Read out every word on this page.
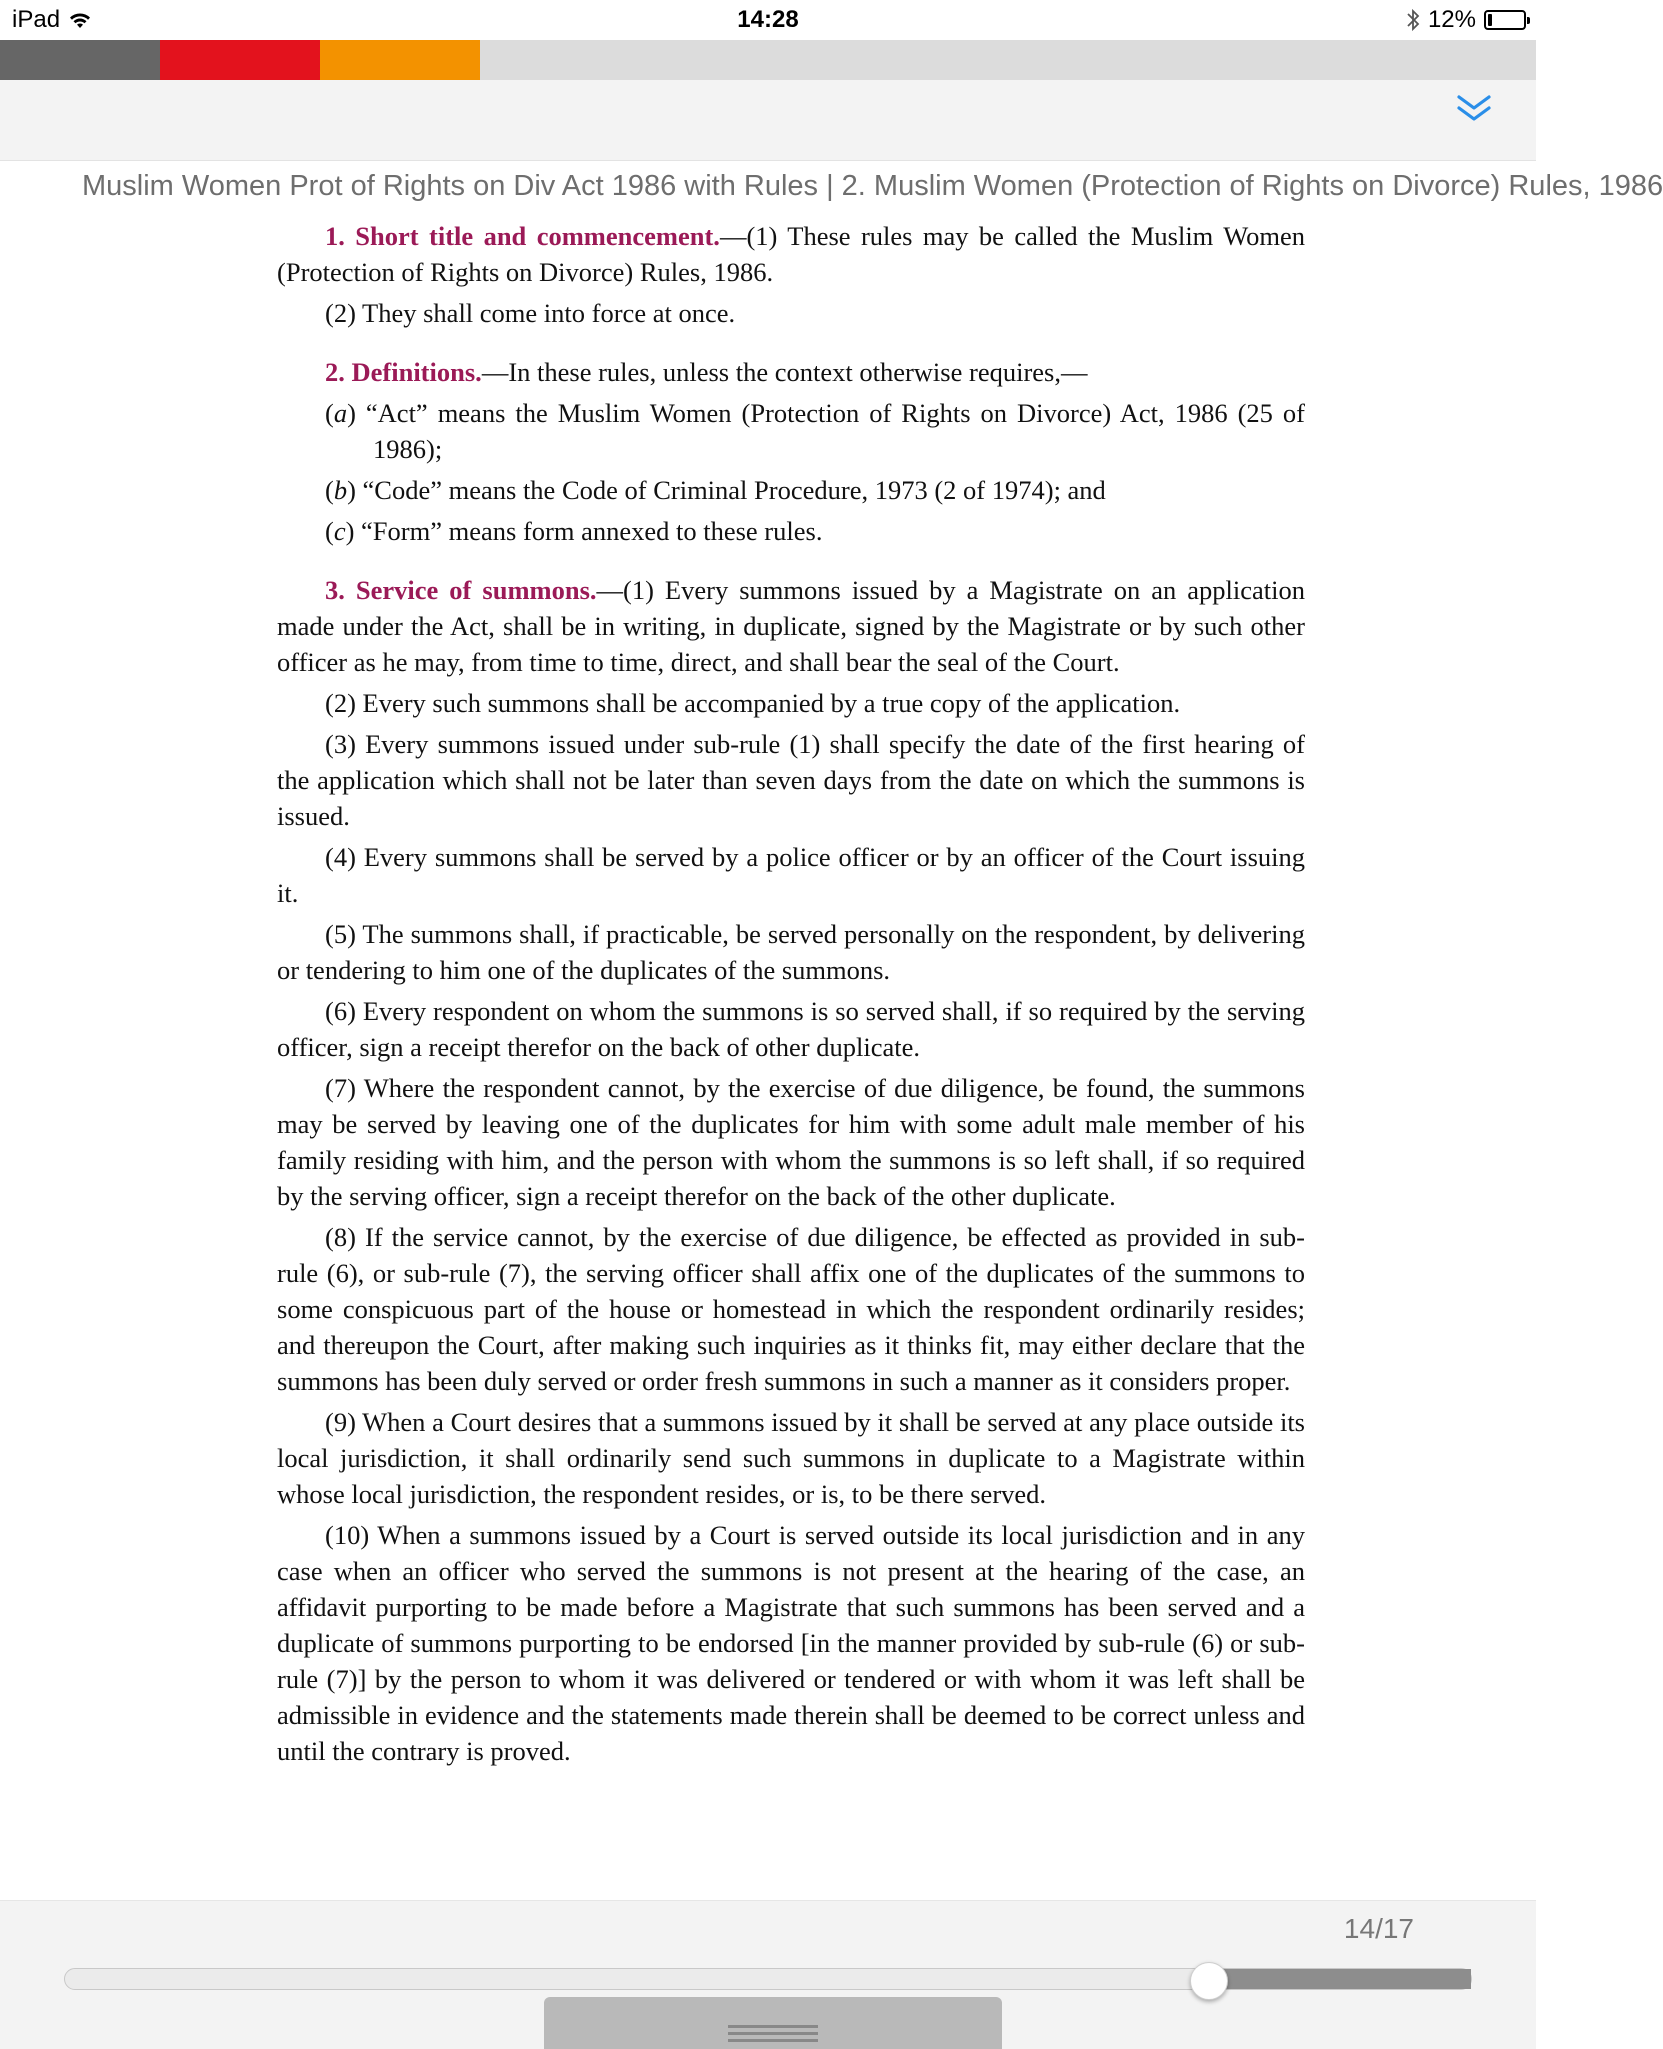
iPad	14:28	12%
Muslim Women Prot of Rights on Div Act 1986 with Rules | 2. Muslim Women (Protection of Rights on Divorce) Rules, 1986

1. Short title and commencement.—(1) These rules may be called the Muslim Women (Protection of Rights on Divorce) Rules, 1986.

(2) They shall come into force at once.

2. Definitions.—In these rules, unless the context otherwise requires,—

(a) “Act” means the Muslim Women (Protection of Rights on Divorce) Act, 1986 (25 of 1986);

(b) “Code” means the Code of Criminal Procedure, 1973 (2 of 1974); and

(c) “Form” means form annexed to these rules.

3. Service of summons.—(1) Every summons issued by a Magistrate on an application made under the Act, shall be in writing, in duplicate, signed by the Magistrate or by such other officer as he may, from time to time, direct, and shall bear the seal of the Court.

(2) Every such summons shall be accompanied by a true copy of the application.

(3) Every summons issued under sub-rule (1) shall specify the date of the first hearing of the application which shall not be later than seven days from the date on which the summons is issued.

(4) Every summons shall be served by a police officer or by an officer of the Court issuing it.

(5) The summons shall, if practicable, be served personally on the respondent, by delivering or tendering to him one of the duplicates of the summons.

(6) Every respondent on whom the summons is so served shall, if so required by the serving officer, sign a receipt therefor on the back of other duplicate.

(7) Where the respondent cannot, by the exercise of due diligence, be found, the summons may be served by leaving one of the duplicates for him with some adult male member of his family residing with him, and the person with whom the summons is so left shall, if so required by the serving officer, sign a receipt therefor on the back of the other duplicate.

(8) If the service cannot, by the exercise of due diligence, be effected as provided in sub-rule (6), or sub-rule (7), the serving officer shall affix one of the duplicates of the summons to some conspicuous part of the house or homestead in which the respondent ordinarily resides; and thereupon the Court, after making such inquiries as it thinks fit, may either declare that the summons has been duly served or order fresh summons in such a manner as it considers proper.

(9) When a Court desires that a summons issued by it shall be served at any place outside its local jurisdiction, it shall ordinarily send such summons in duplicate to a Magistrate within whose local jurisdiction, the respondent resides, or is, to be there served.

(10) When a summons issued by a Court is served outside its local jurisdiction and in any case when an officer who served the summons is not present at the hearing of the case, an affidavit purporting to be made before a Magistrate that such summons has been served and a duplicate of summons purporting to be endorsed [in the manner provided by sub-rule (6) or sub-rule (7)] by the person to whom it was delivered or tendered or with whom it was left shall be admissible in evidence and the statements made therein shall be deemed to be correct unless and until the contrary is proved.

14/17
